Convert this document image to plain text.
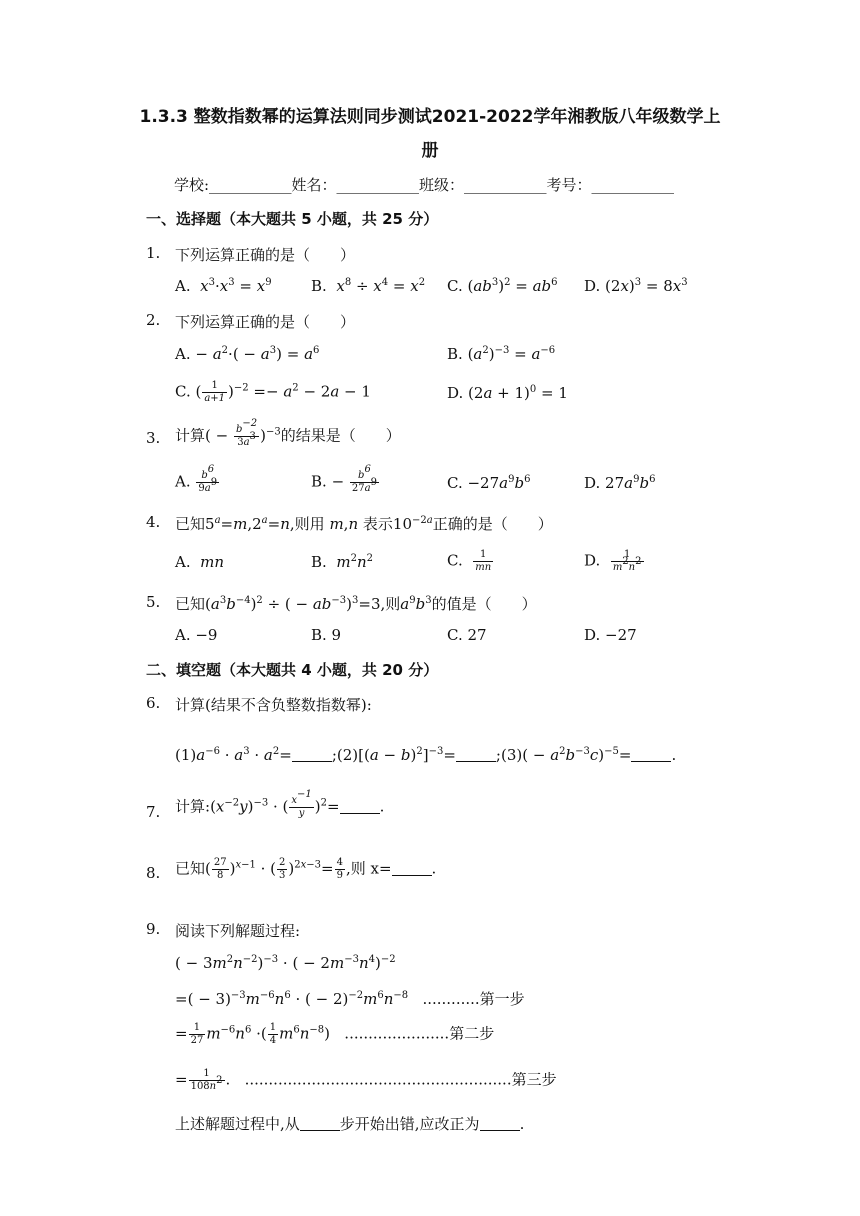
1.3.3 整数指数幂的运算法则同步测试2021-2022学年湘教版八年级数学上
册
学校:___________姓名：___________班级：___________考号：___________
一、选择题（本大题共 5 小题，共 25 分）
1. 下列运算正确的是（　　）
A. $x^3\cdot x^3 = x^9$	B. $x^8 \div x^4 = x^2$ C. $(ab^3)^2 = ab^6$ D. $(2x)^3 = 8x^3$
2. 下列运算正确的是（　　）
A. − $a^2\cdot( - a^3) = a^6$	B. $(a^2)^{-3} = a^{-6}$
C. ( $\frac{1}{a+1} )^{-2} =- a^2 - 2a - 1$	D. $(2a + 1)^0 = 1$
3. 计算( − $\frac{b^{-2}}{3a^3} )^{-3}$的结果是（　　）
A. $\frac{b^6}{9a^9}$	B. − $\frac{b^6}{27a^9}$	C. $-27a^9b^6$	D. $27a^9b^6$
4. 已知$5^a=m,2^a=n$,则用 m,n 表示$10^{-2a}$正确的是（　　）
A. mn	B. $m^2n^2$	C. $\frac{1}{mn}$	D. $\frac{1}{m^2n^2}$
5. 已知$(a^3b^{-4})^2$ ÷ ( − $ab^{-3})^3=3$,则$a^9b^3$的值是（　　）
A. −9	B. 9	C. 27	D. −27
二、填空题（本大题共 4 小题，共 20 分）
6. 计算(结果不含负整数指数幂):
$(1)a^{-6} \cdot a^3 \cdot a^2=$	;(2)[(a − b)$^2$]$^{-3}$=	;(3)( − $a^2b^{-3}c)^{-5}=$	.
7. 计算$:(x^{-2}y)^{-3}$ · ( $\frac{x^{-1}}{y} )^2=$	.
8. 已知( $\frac{27}{8} )^{x-1}$ · ( $\frac{2}{3} )^{2x-3}= \frac{4}{9}$ ,则 x=	.
9. 阅读下列解题过程:
( − $3m^2n^{-2})^{-3}$ · ( − $2m^{-3}n^4)^{-2}$
=( − $3)^{-3}m^{-6}n^6$ · ( − $2)^{-2}m^6n^{-8}$ ............第一步
= $\frac{1}{27} m^{-6}n^6$ ·( $\frac{1}{4} m^6n^{-8}$)   ......................第二步
= $\frac{1}{108n^2}$ .   ........................................................第三步
上述解题过程中,从	步开始出错,应改正为	.
